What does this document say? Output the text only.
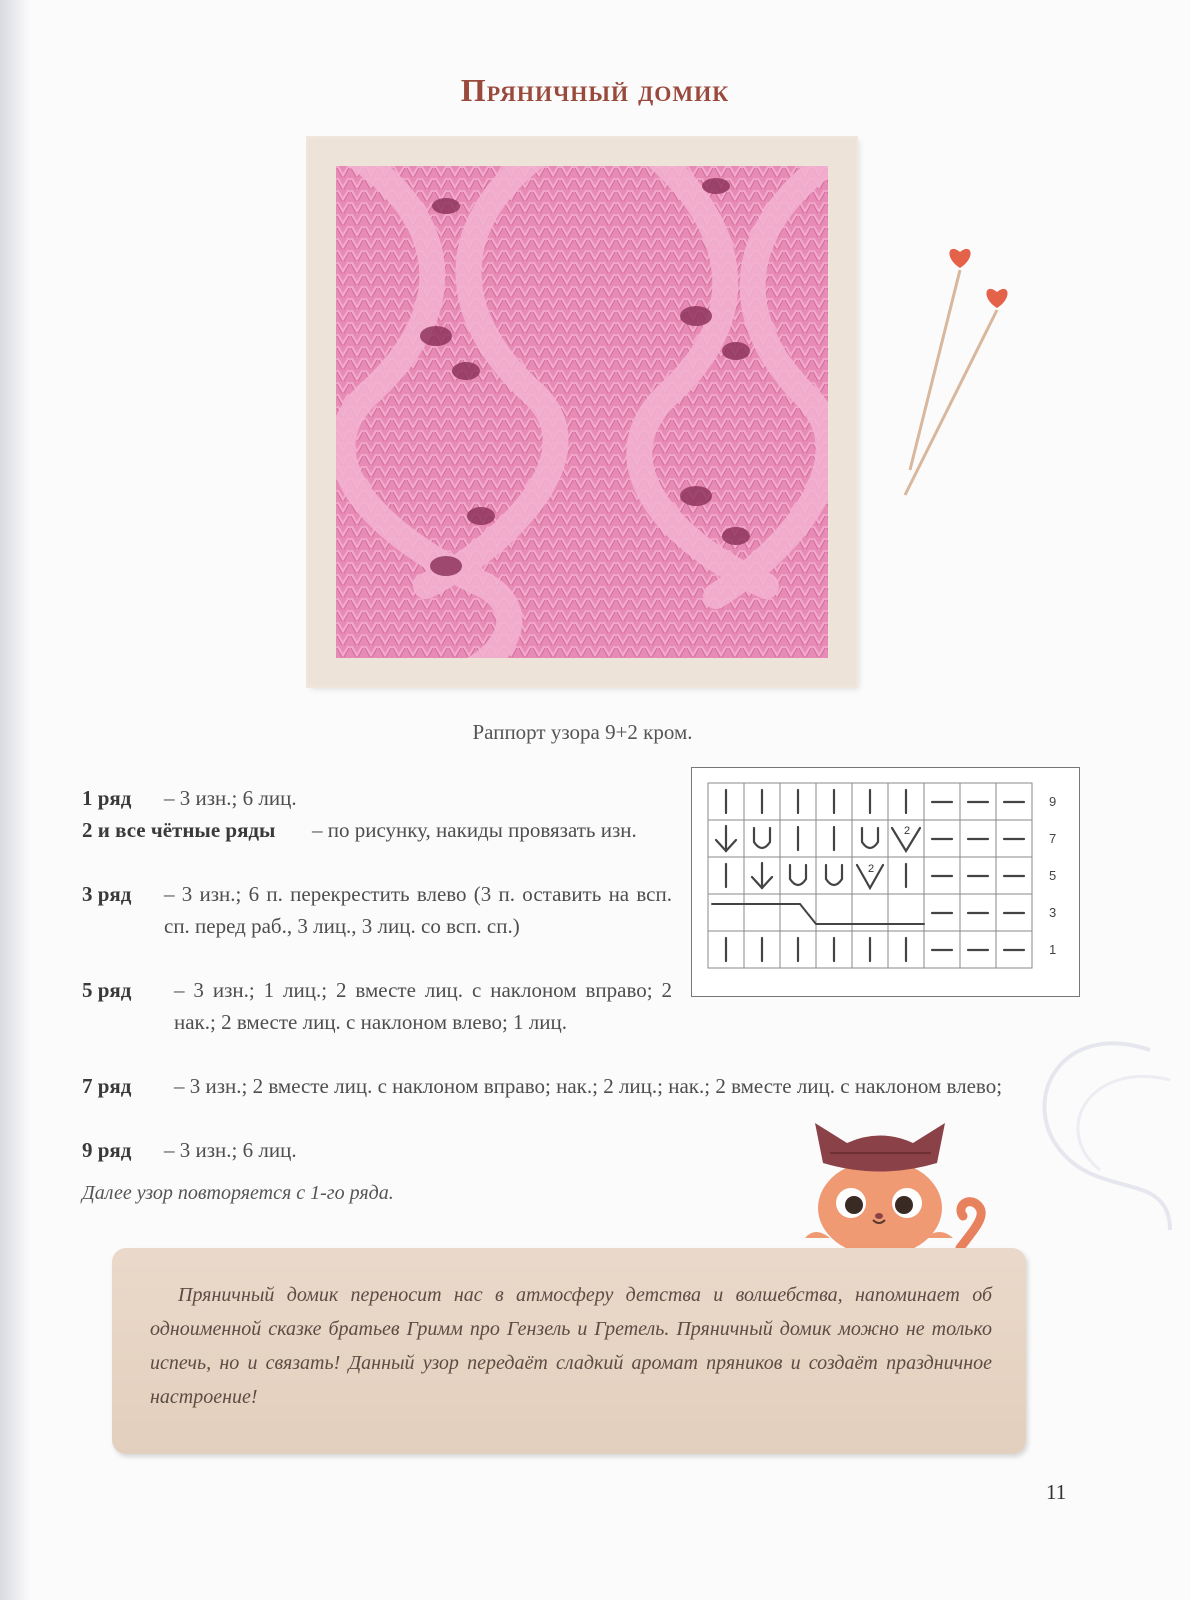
Пряничный домик
Раппорт узора 9+2 кром.
1 ряд – 3 изн.; 6 лиц.
2 и все чётные ряды – по рисунку, накиды провязать изн.
3 ряд – 3 изн.; 6 п. перекрестить влево (3 п. оставить на всп. сп. перед раб., 3 лиц., 3 лиц. со всп. сп.)
5 ряд – 3 изн.; 1 лиц.; 2 вместе лиц. с наклоном вправо; 2 нак.; 2 вместе лиц. с наклоном влево; 1 лиц.
7 ряд – 3 изн.; 2 вместе лиц. с наклоном вправо; нак.; 2 лиц.; нак.; 2 вместе лиц. с наклоном влево;
9 ряд – 3 изн.; 6 лиц.
Далее узор повторяется с 1-го ряда.
2
2
9
7
5
3
1

Пряничный домик переносит нас в атмосферу детства и волшебства, напоминает об одноименной сказке братьев Гримм про Гензель и Гретель. Пряничный домик можно не только испечь, но и связать! Данный узор передаёт сладкий аромат пряников и создаёт праздничное настроение!

11
